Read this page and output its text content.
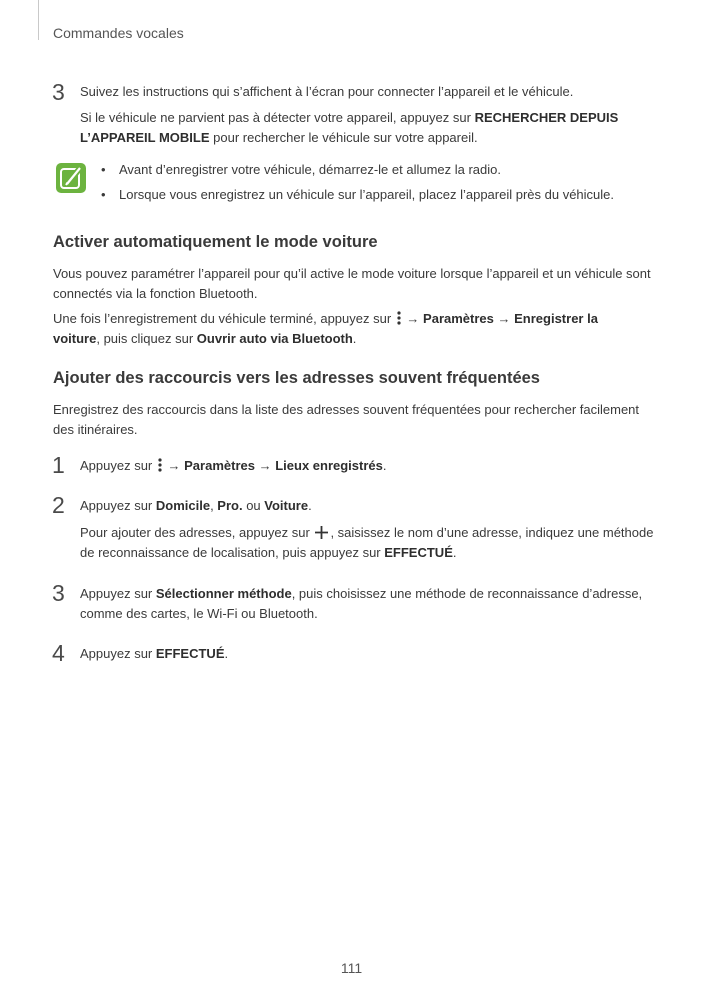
Commandes vocales
3 Suivez les instructions qui s’affichent à l’écran pour connecter l’appareil et le véhicule.
Si le véhicule ne parvient pas à détecter votre appareil, appuyez sur RECHERCHER DEPUIS
L’APPAREIL MOBILE pour rechercher le véhicule sur votre appareil.
• Avant d’enregistrer votre véhicule, démarrez-le et allumez la radio.
• Lorsque vous enregistrez un véhicule sur l’appareil, placez l’appareil près du véhicule.
Activer automatiquement le mode voiture
Vous pouvez paramétrer l’appareil pour qu’il active le mode voiture lorsque l’appareil et un véhicule sont connectés via la fonction Bluetooth.
Une fois l’enregistrement du véhicule terminé, appuyez sur → Paramètres → Enregistrer la
voiture, puis cliquez sur Ouvrir auto via Bluetooth.
Ajouter des raccourcis vers les adresses souvent fréquentées
Enregistrez des raccourcis dans la liste des adresses souvent fréquentées pour rechercher facilement des itinéraires.
1 Appuyez sur → Paramètres → Lieux enregistrés.
2 Appuyez sur Domicile, Pro. ou Voiture.
Pour ajouter des adresses, appuyez sur , saisissez le nom d’une adresse, indiquez une méthode de reconnaissance de localisation, puis appuyez sur EFFECTUÉ.
3 Appuyez sur Sélectionner méthode, puis choisissez une méthode de reconnaissance d’adresse, comme des cartes, le Wi-Fi ou Bluetooth.
4 Appuyez sur EFFECTUÉ.
111
